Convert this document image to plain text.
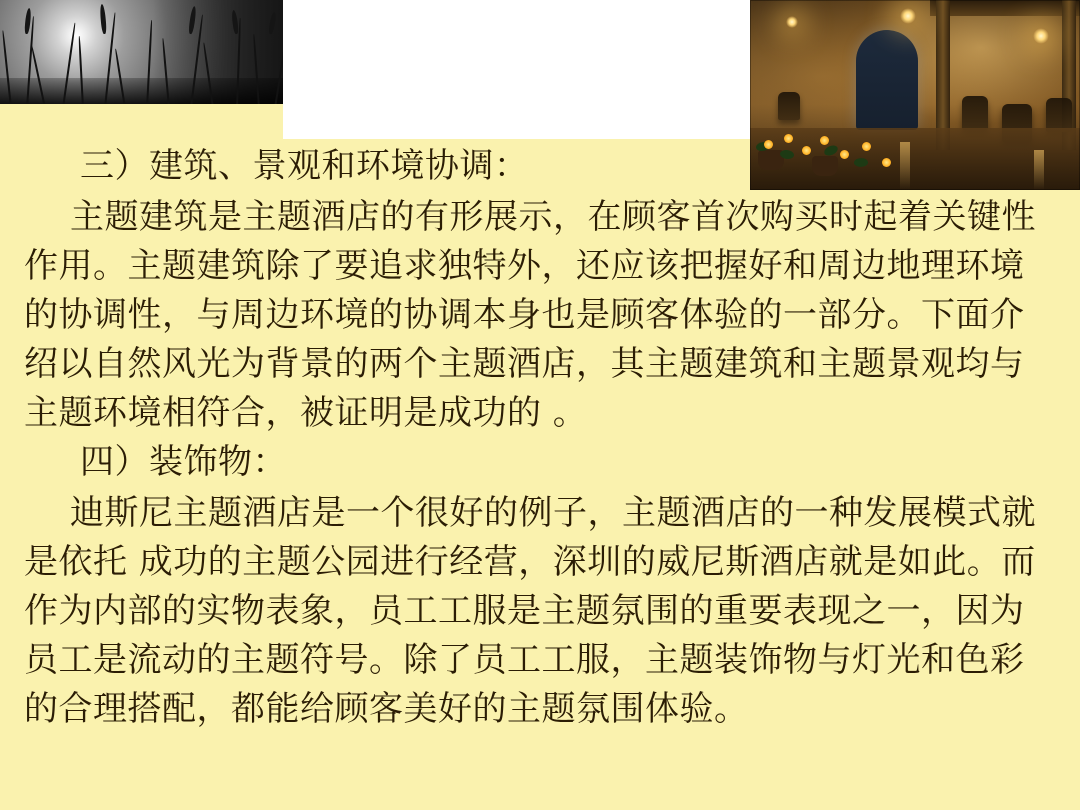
三）建筑、景观和环境协调：

主题建筑是主题酒店的有形展示，在顾客首次购买时起着关键性作用。主题建筑除了要追求独特外，还应该把握好和周边地理环境的协调性，与周边环境的协调本身也是顾客体验的一部分。下面介绍以自然风光为背景的两个主题酒店，其主题建筑和主题景观均与主题环境相符合，被证明是成功的 。

四）装饰物：

迪斯尼主题酒店是一个很好的例子，主题酒店的一种发展模式就是依托 成功的主题公园进行经营，深圳的威尼斯酒店就是如此。而作为内部的实物表象，员工工服是主题氛围的重要表现之一，因为员工是流动的主题符号。除了员工工服，主题装饰物与灯光和色彩的合理搭配，都能给顾客美好的主题氛围体验。
